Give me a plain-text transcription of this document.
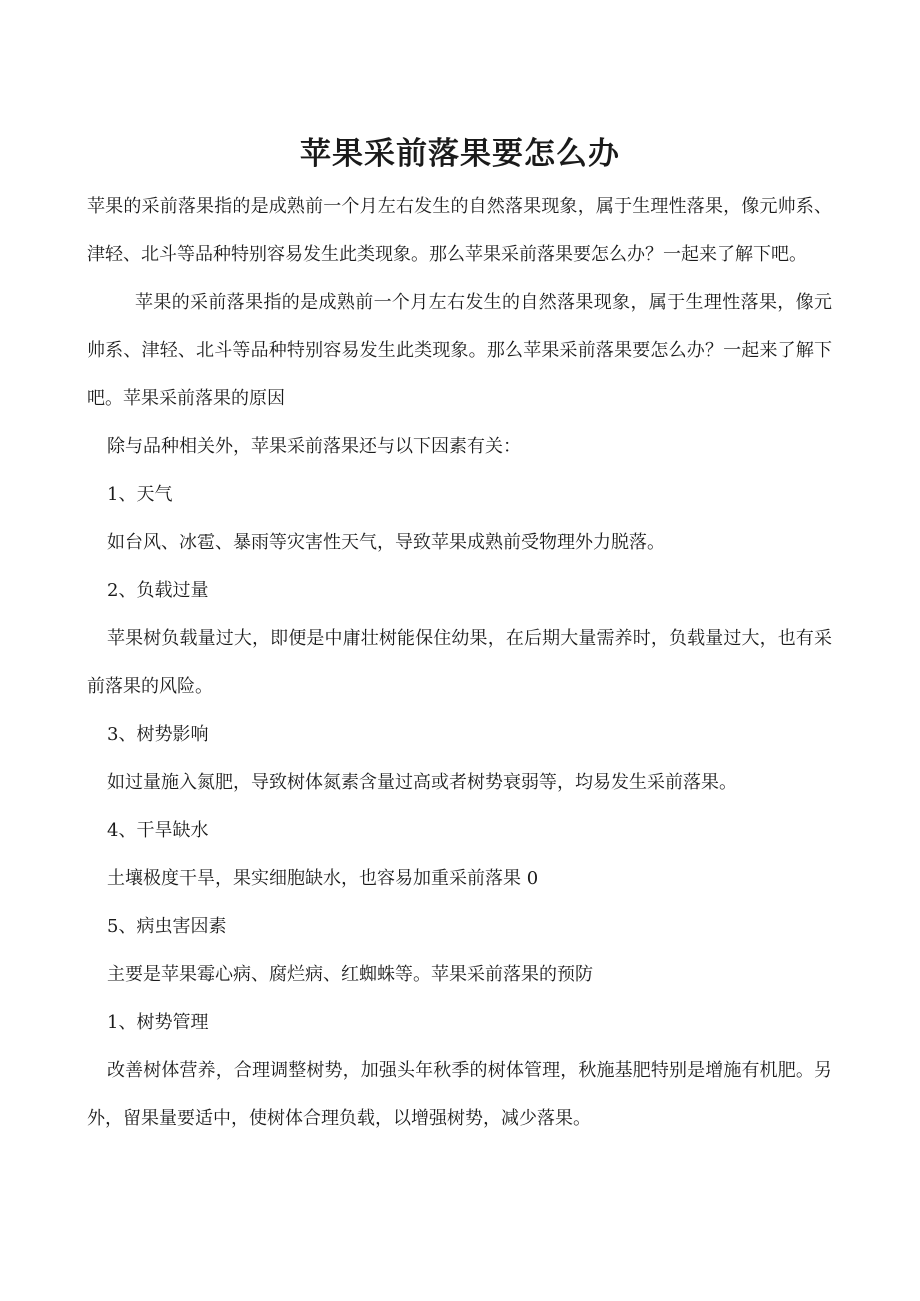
苹果采前落果要怎么办

苹果的采前落果指的是成熟前一个月左右发生的自然落果现象，属于生理性落果，像元帅系、津轻、北斗等品种特别容易发生此类现象。那么苹果采前落果要怎么办？一起来了解下吧。

苹果的采前落果指的是成熟前一个月左右发生的自然落果现象，属于生理性落果，像元帅系、津轻、北斗等品种特别容易发生此类现象。那么苹果采前落果要怎么办？一起来了解下吧。苹果采前落果的原因

除与品种相关外，苹果采前落果还与以下因素有关：

1、天气

如台风、冰雹、暴雨等灾害性天气，导致苹果成熟前受物理外力脱落。

2、负载过量

苹果树负载量过大，即便是中庸壮树能保住幼果，在后期大量需养时，负载量过大，也有采前落果的风险。

3、树势影响

如过量施入氮肥，导致树体氮素含量过高或者树势衰弱等，均易发生采前落果。

4、干旱缺水

土壤极度干旱，果实细胞缺水，也容易加重采前落果 0

5、病虫害因素

主要是苹果霉心病、腐烂病、红蜘蛛等。苹果采前落果的预防

1、树势管理

改善树体营养，合理调整树势，加强头年秋季的树体管理，秋施基肥特别是增施有机肥。另外，留果量要适中，使树体合理负载，以增强树势，减少落果。
